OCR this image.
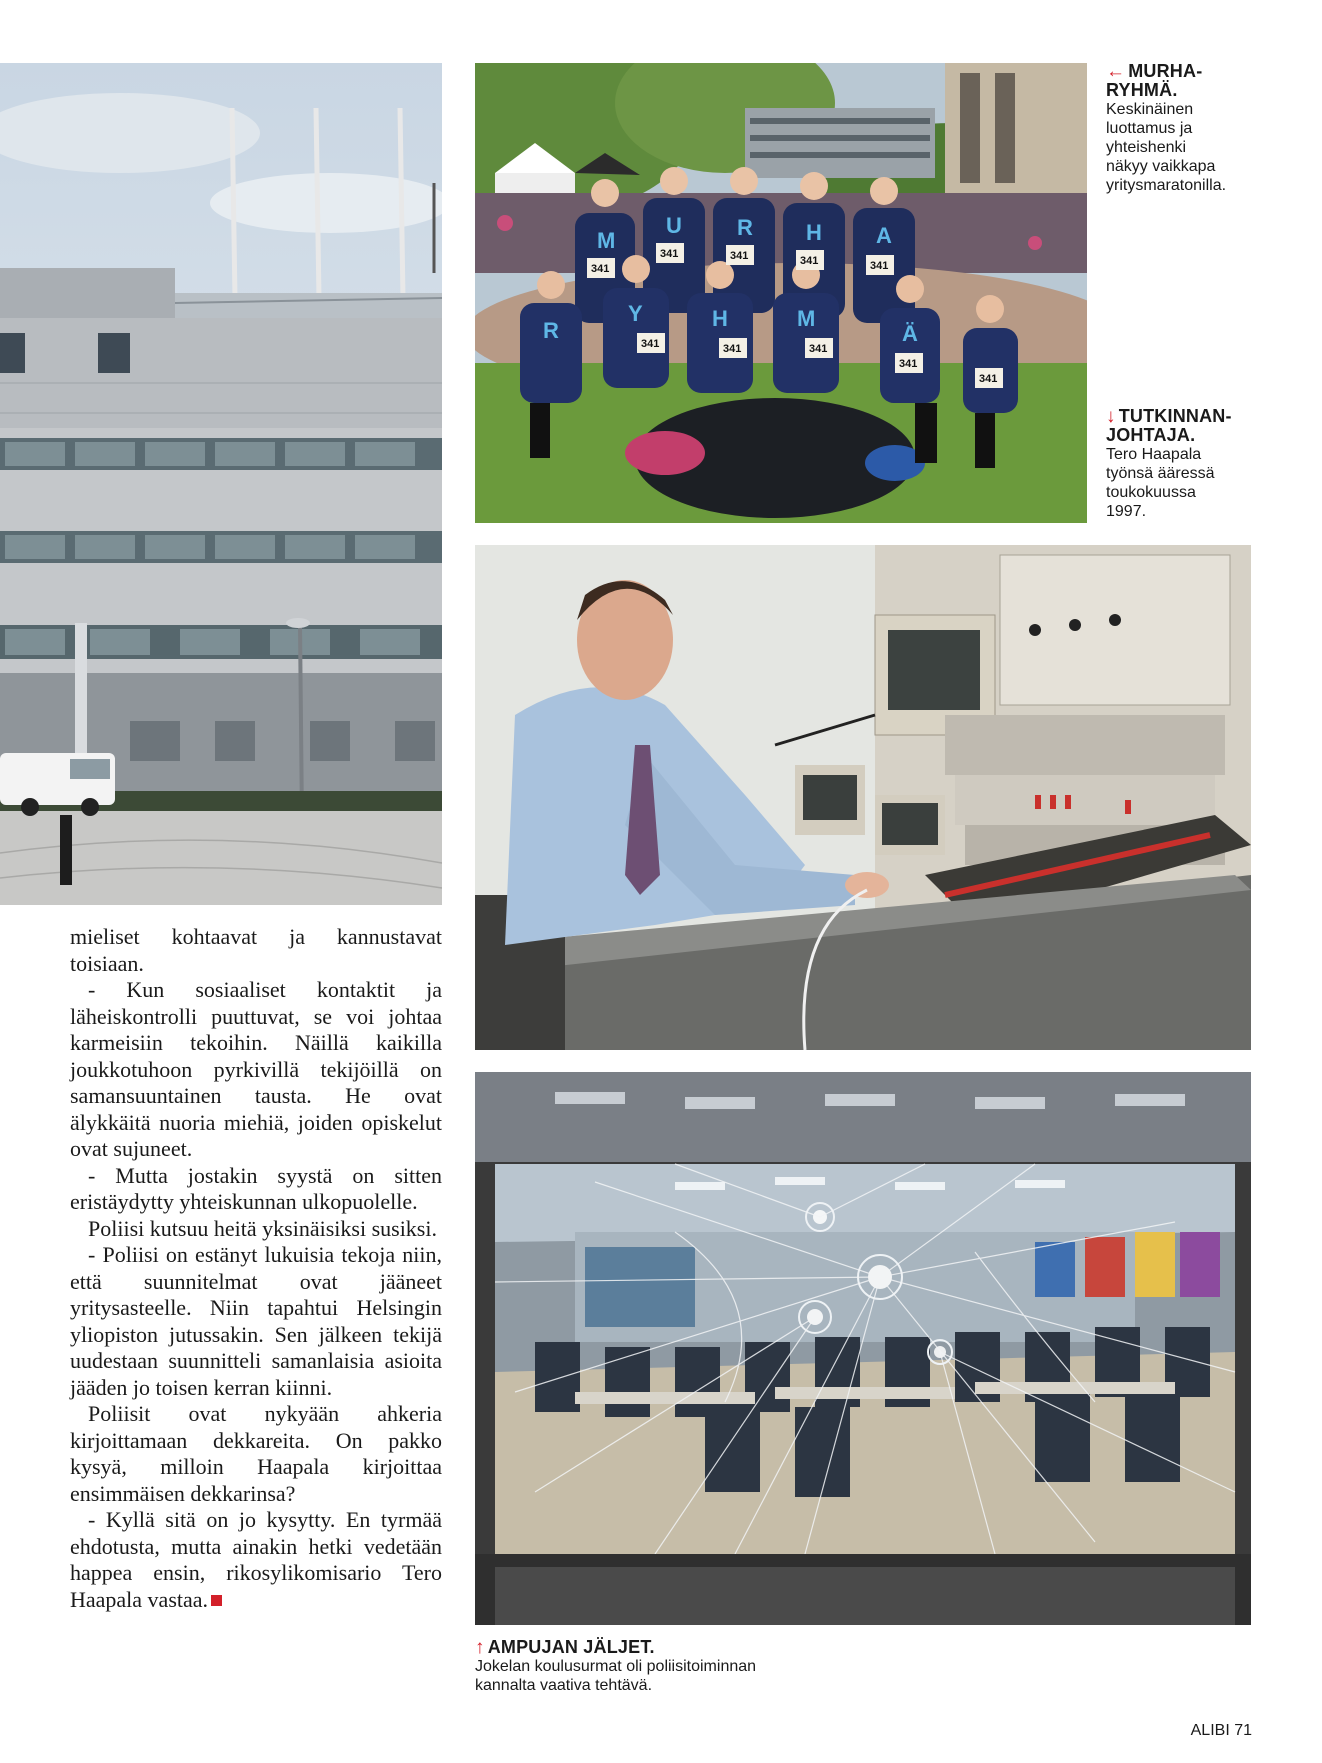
M
U	R H A
R
Y	H	M
Ä
341
341	341	341	341
341	341	341
341
341
← MURHA-
RYHMÄ.
Keskinäinen
luottamus ja
yhteishenki
näkyy vaikkapa
yritysmaratonilla.
↓ TUTKINNAN-
JOHTAJA.
Tero Haapala
työnsä ääressä
toukokuussa
1997.
↑ AMPUJAN JÄLJET.
Jokelan koulusurmat oli poliisitoiminnan
kannalta vaativa tehtävä.

mieliset kohtaavat ja kannustavat toisiaan.

- Kun sosiaaliset kontaktit ja läheiskontrolli puuttuvat, se voi johtaa karmeisiin tekoihin. Näillä kaikilla joukkotuhoon pyrkivillä tekijöillä on samansuuntainen tausta. He ovat älykkäitä nuoria miehiä, joiden opiskelut ovat sujuneet.

- Mutta jostakin syystä on sitten eristäydytty yhteiskunnan ulkopuolelle.

Poliisi kutsuu heitä yksinäisiksi susiksi.

- Poliisi on estänyt lukuisia tekoja niin, että suunnitelmat ovat jääneet yritysasteelle. Niin tapahtui Helsingin yliopiston jutussakin. Sen jälkeen tekijä uudestaan suunnitteli samanlaisia asioita jääden jo toisen kerran kiinni.

Poliisit ovat nykyään ahkeria kirjoittamaan dekkareita. On pakko kysyä, milloin Haapala kirjoittaa ensimmäisen dekkarinsa?

- Kyllä sitä on jo kysytty. En tyrmää ehdotusta, mutta ainakin hetki vedetään happea ensin, rikosylikomisario Tero Haapala vastaa.

ALIBI 71
